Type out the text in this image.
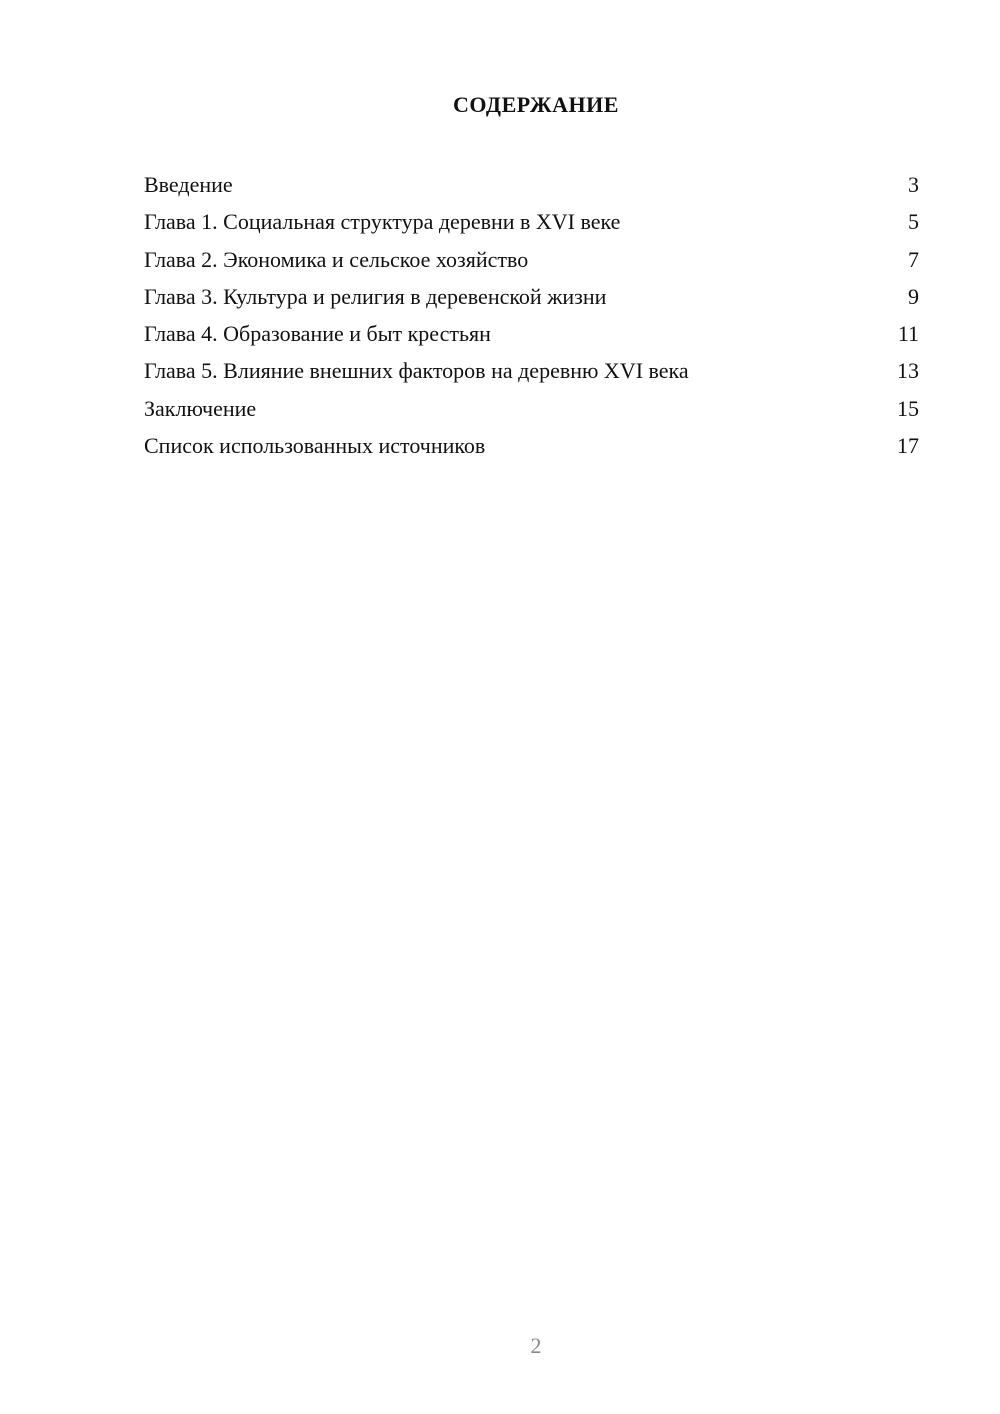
СОДЕРЖАНИЕ
Введение	3
Глава 1. Социальная структура деревни в XVI веке	5
Глава 2. Экономика и сельское хозяйство	7
Глава 3. Культура и религия в деревенской жизни	9
Глава 4. Образование и быт крестьян	11
Глава 5. Влияние внешних факторов на деревню XVI века	13
Заключение	15
Список использованных источников	17
2
